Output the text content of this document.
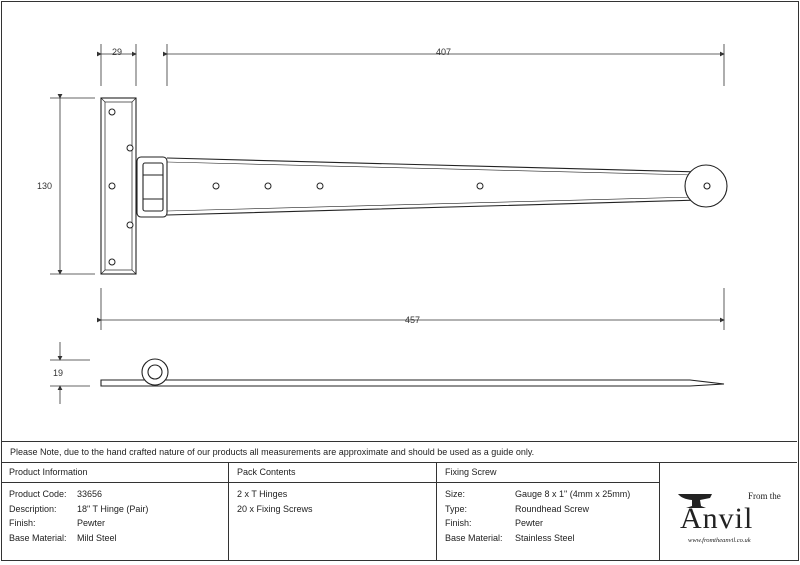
29	407
130
457
19
Please Note, due to the hand crafted nature of our products all measurements are approximate and should be used as a guide only.
Product Information
Product Code:	33656
Description:	18" T Hinge (Pair)
Finish:	Pewter
Base Material:	Mild Steel
Pack Contents
2 x T Hinges
20 x Fixing Screws
Fixing Screw
Size:	Gauge 8 x 1" (4mm x 25mm)
Type:	Roundhead Screw
Finish:	Pewter
Base Material:	Stainless Steel
From the
Anvil
www.fromtheanvil.co.uk
